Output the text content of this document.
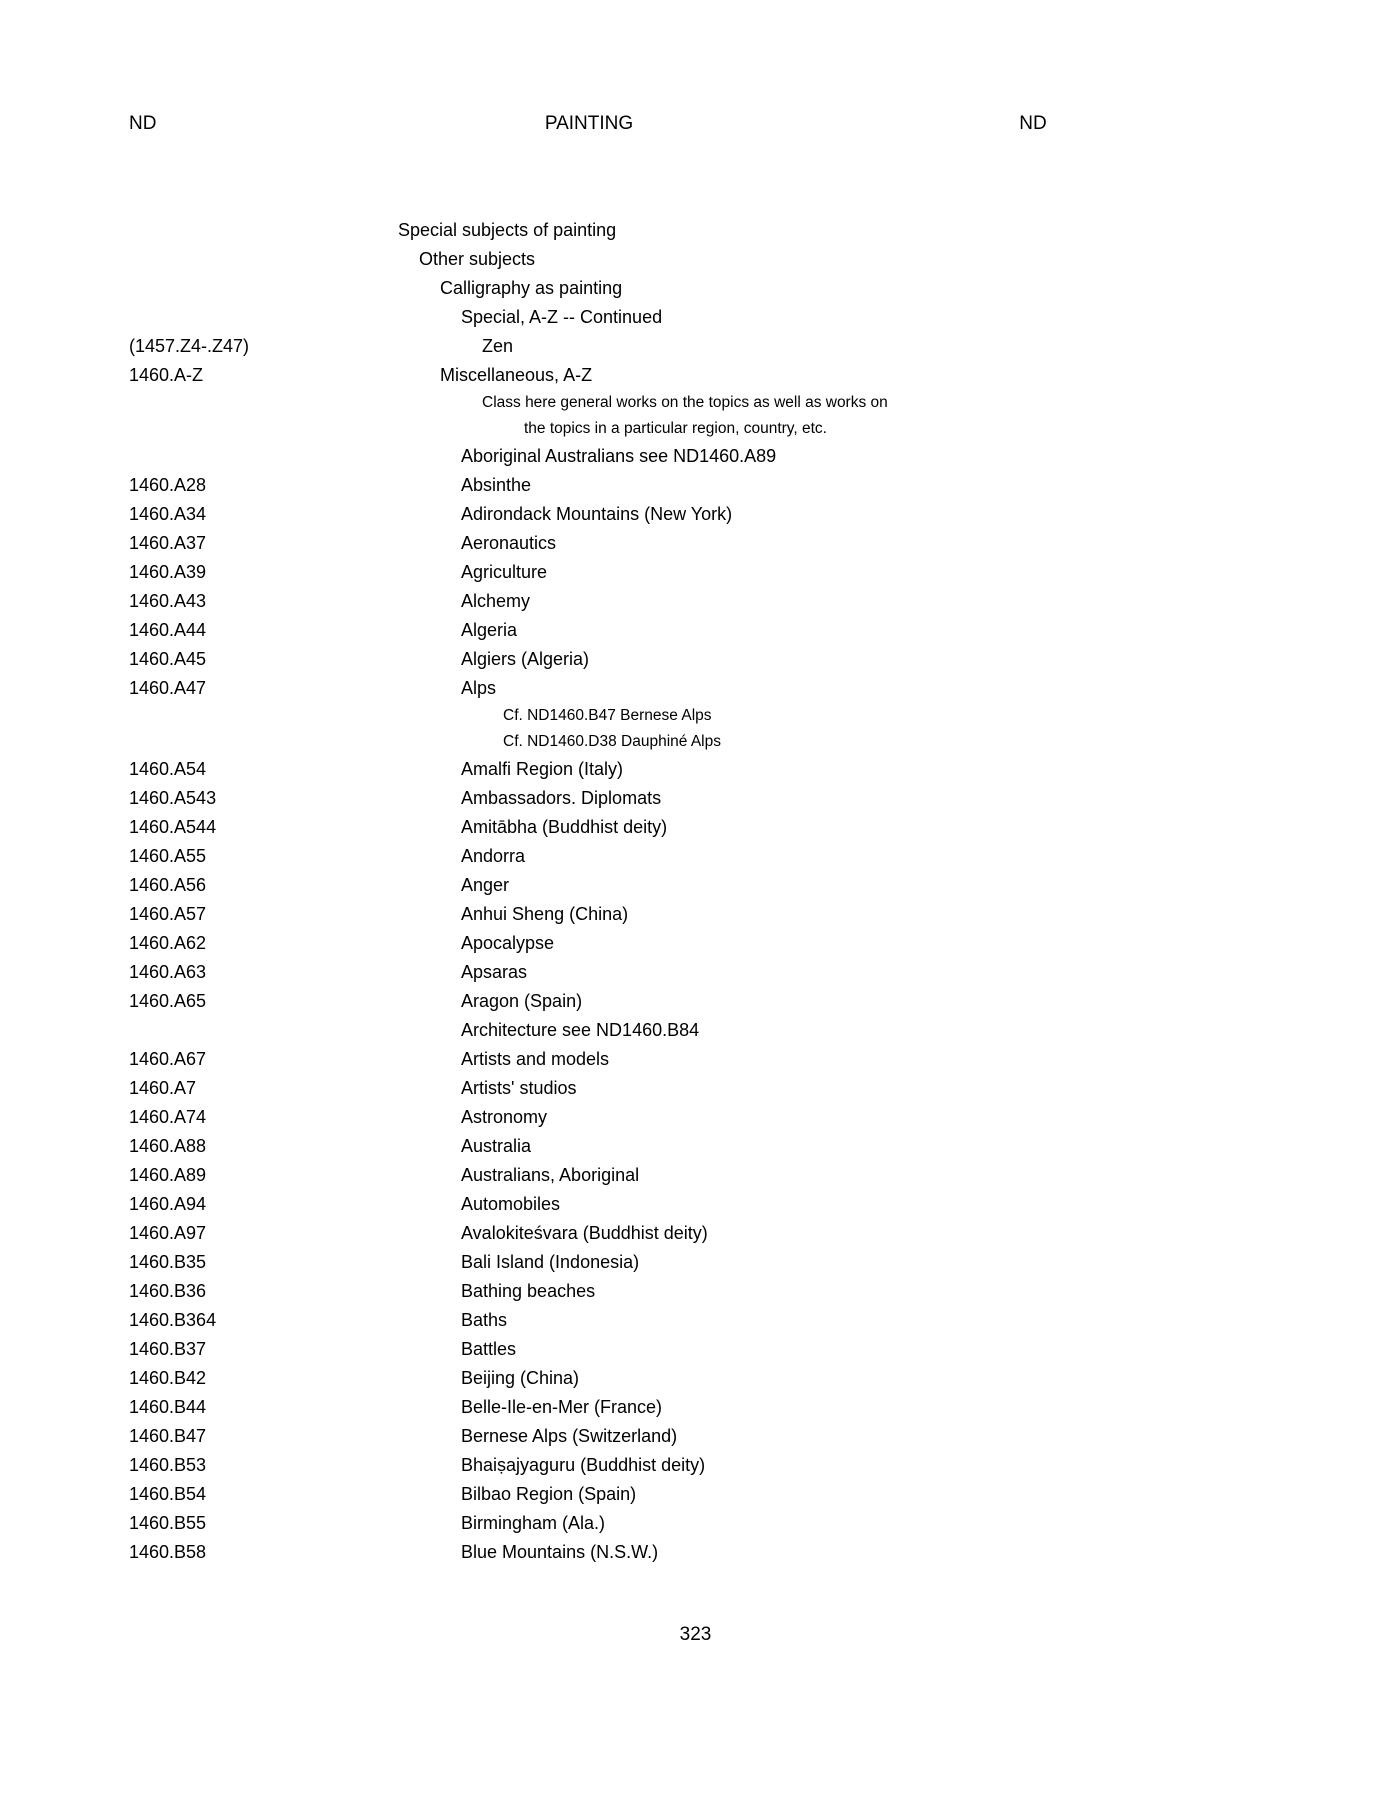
ND	PAINTING	ND
Special subjects of painting
Other subjects
Calligraphy as painting
Special, A-Z -- Continued
(1457.Z4-.Z47)	Zen
1460.A-Z	Miscellaneous, A-Z
Class here general works on the topics as well as works on
the topics in a particular region, country, etc.
Aboriginal Australians see ND1460.A89
1460.A28	Absinthe
1460.A34	Adirondack Mountains (New York)
1460.A37	Aeronautics
1460.A39	Agriculture
1460.A43	Alchemy
1460.A44	Algeria
1460.A45	Algiers (Algeria)
1460.A47	Alps
Cf. ND1460.B47 Bernese Alps
Cf. ND1460.D38 Dauphiné Alps
1460.A54	Amalfi Region (Italy)
1460.A543	Ambassadors. Diplomats
1460.A544	Amitābha (Buddhist deity)
1460.A55	Andorra
1460.A56	Anger
1460.A57	Anhui Sheng (China)
1460.A62	Apocalypse
1460.A63	Apsaras
1460.A65	Aragon (Spain)
Architecture see ND1460.B84
1460.A67	Artists and models
1460.A7	Artists' studios
1460.A74	Astronomy
1460.A88	Australia
1460.A89	Australians, Aboriginal
1460.A94	Automobiles
1460.A97	Avalokiteśvara (Buddhist deity)
1460.B35	Bali Island (Indonesia)
1460.B36	Bathing beaches
1460.B364	Baths
1460.B37	Battles
1460.B42	Beijing (China)
1460.B44	Belle-Ile-en-Mer (France)
1460.B47	Bernese Alps (Switzerland)
1460.B53	Bhaiṣajyaguru (Buddhist deity)
1460.B54	Bilbao Region (Spain)
1460.B55	Birmingham (Ala.)
1460.B58	Blue Mountains (N.S.W.)
323
